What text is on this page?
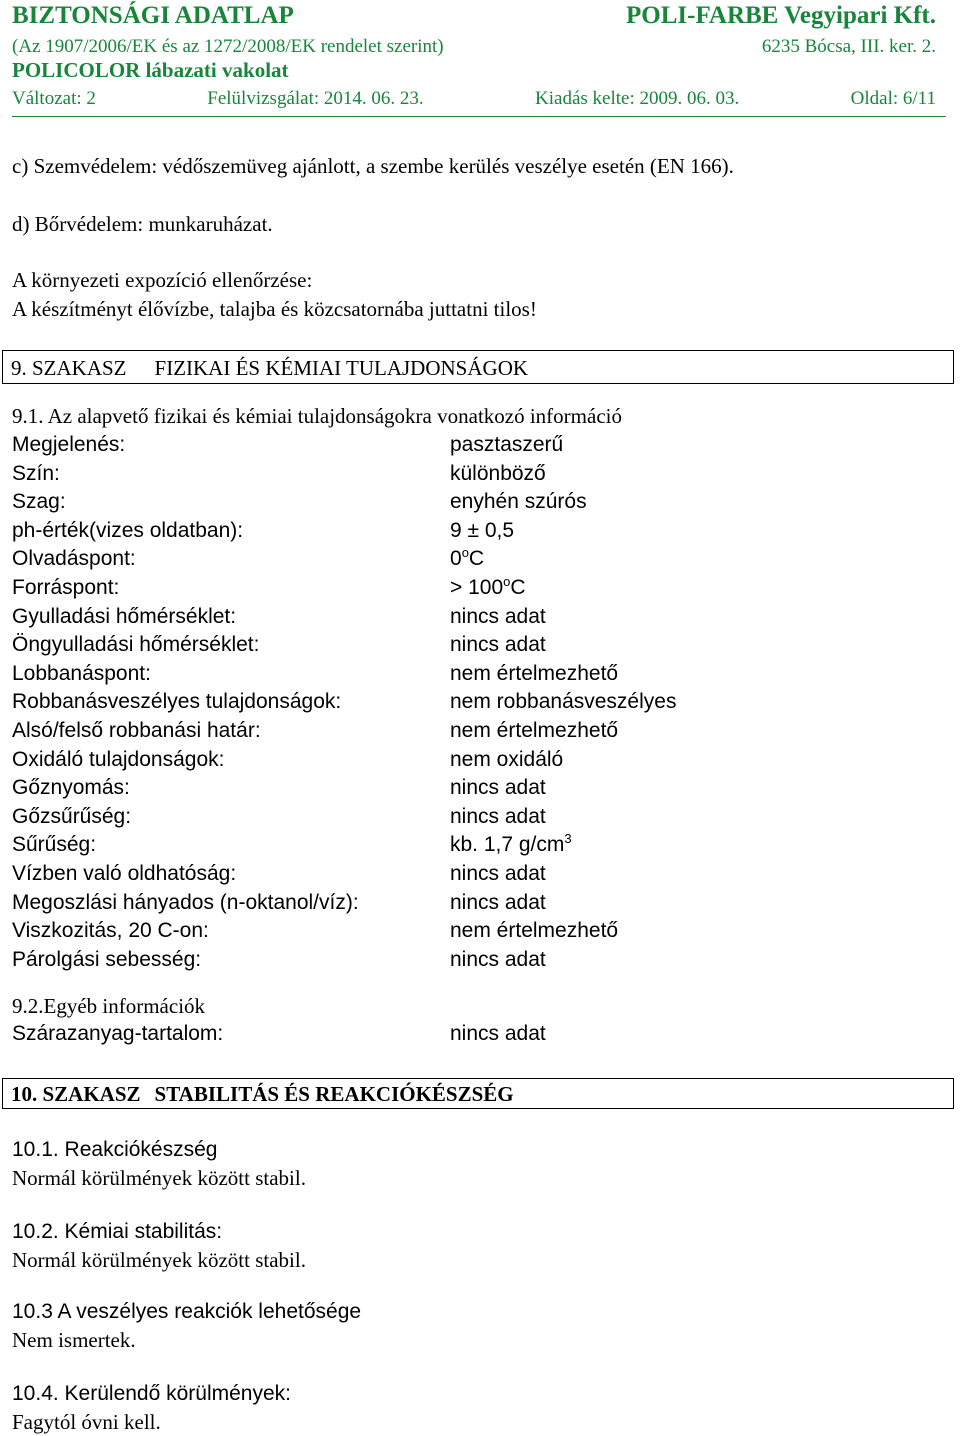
BIZTONSÁGI ADATLAP	POLI-FARBE Vegyipari Kft.
(Az 1907/2006/EK és az 1272/2008/EK rendelet szerint)	6235 Bócsa, III. ker. 2.
POLICOLOR lábazati vakolat
Változat: 2	Felülvizsgálat: 2014. 06. 23.	Kiadás kelte: 2009. 06. 03.	Oldal: 6/11
c) Szemvédelem: védőszemüveg ajánlott, a szembe kerülés veszélye esetén (EN 166).
d) Bőrvédelem: munkaruházat.
A környezeti expozíció ellenőrzése:
A készítményt élővízbe, talajba és közcsatornába juttatni tilos!
9. SZAKASZ FIZIKAI ÉS KÉMIAI TULAJDONSÁGOK
9.1. Az alapvető fizikai és kémiai tulajdonságokra vonatkozó információ
Megjelenés:	pasztaszerű
Szín:	különböző
Szag:	enyhén szúrós
ph-érték(vizes oldatban):	9 ± 0,5
Olvadáspont:	0$^o$C
Forráspont:	> $100^oC$
Gyulladási hőmérséklet:	nincs adat
Öngyulladási hőmérséklet:	nincs adat
Lobbanáspont:	nem értelmezhető
Robbanásveszélyes tulajdonságok:	nem robbanásveszélyes
Alsó/felső robbanási határ:	nem értelmezhető
Oxidáló tulajdonságok:	nem oxidáló
Gőznyomás:	nincs adat
Gőzsűrűség:	nincs adat
Sűrűség:	kb. 1,7 $g/cm^3$
Vízben való oldhatóság:	nincs adat
Megoszlási hányados (n-oktanol/víz):	nincs adat
Viszkozitás, 20 C-on:	nem értelmezhető
Párolgási sebesség:	nincs adat
9.2.Egyéb információk
Szárazanyag-tartalom:	nincs adat
10. SZAKASZ STABILITÁS ÉS REAKCIÓKÉSZSÉG
10.1. Reakciókészség
Normál körülmények között stabil.
10.2. Kémiai stabilitás:
Normál körülmények között stabil.
10.3 A veszélyes reakciók lehetősége
Nem ismertek.
10.4. Kerülendő körülmények:
Fagytól óvni kell.
